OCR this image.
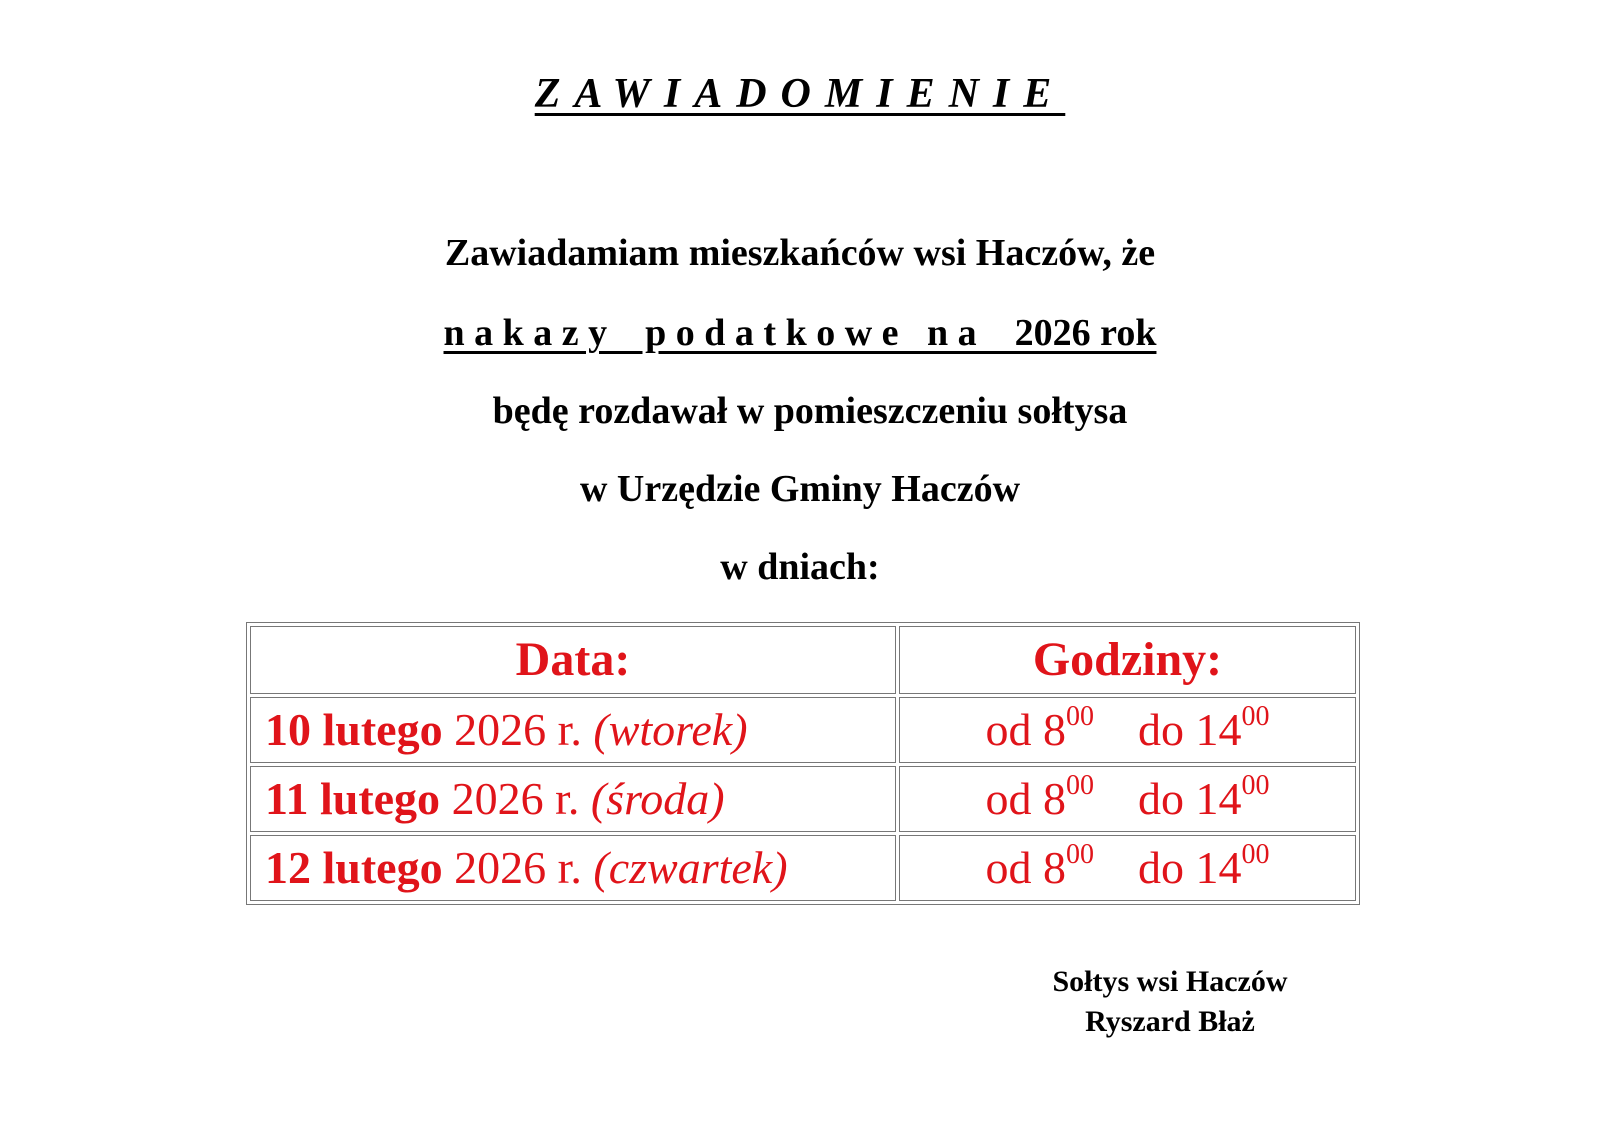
ZAWIADOMIENIE
Zawiadamiam mieszkańców wsi Haczów, że
n a k a z y    p o d a t k o w e   n a    2026 rok
będę rozdawał w pomieszczeniu sołtysa
w Urzędzie Gminy Haczów
w dniach:
Data:	Godziny:
10 lutego 2026 r. (wtorek)	od $8^{00}$ do $14^{00}$
11 lutego 2026 r. (środa)	od $8^{00}$ do $14^{00}$
12 lutego 2026 r. (czwartek)	od $8^{00}$ do $14^{00}$
Sołtys wsi Haczów
Ryszard Błaż
